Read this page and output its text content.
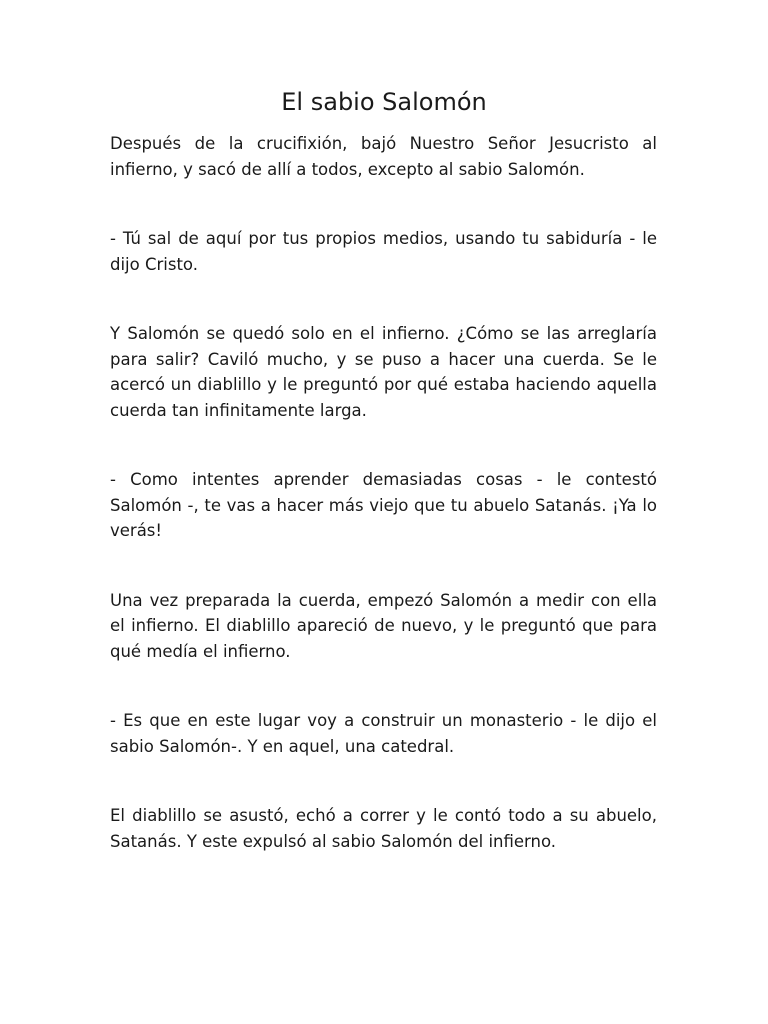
El sabio Salomón

Después de la crucifixión, bajó Nuestro Señor Jesucristo al infierno, y sacó de allí a todos, excepto al sabio Salomón.

- Tú sal de aquí por tus propios medios, usando tu sabiduría - le dijo Cristo.

Y Salomón se quedó solo en el infierno. ¿Cómo se las arreglaría para salir? Caviló mucho, y se puso a hacer una cuerda. Se le acercó un diablillo y le preguntó por qué estaba haciendo aquella cuerda tan infinitamente larga.

- Como intentes aprender demasiadas cosas - le contestó Salomón -, te vas a hacer más viejo que tu abuelo Satanás. ¡Ya lo verás!

Una vez preparada la cuerda, empezó Salomón a medir con ella el infierno. El diablillo apareció de nuevo, y le preguntó que para qué medía el infierno.

- Es que en este lugar voy a construir un monasterio - le dijo el sabio Salomón-. Y en aquel, una catedral.

El diablillo se asustó, echó a correr y le contó todo a su abuelo, Satanás. Y este expulsó al sabio Salomón del infierno.
